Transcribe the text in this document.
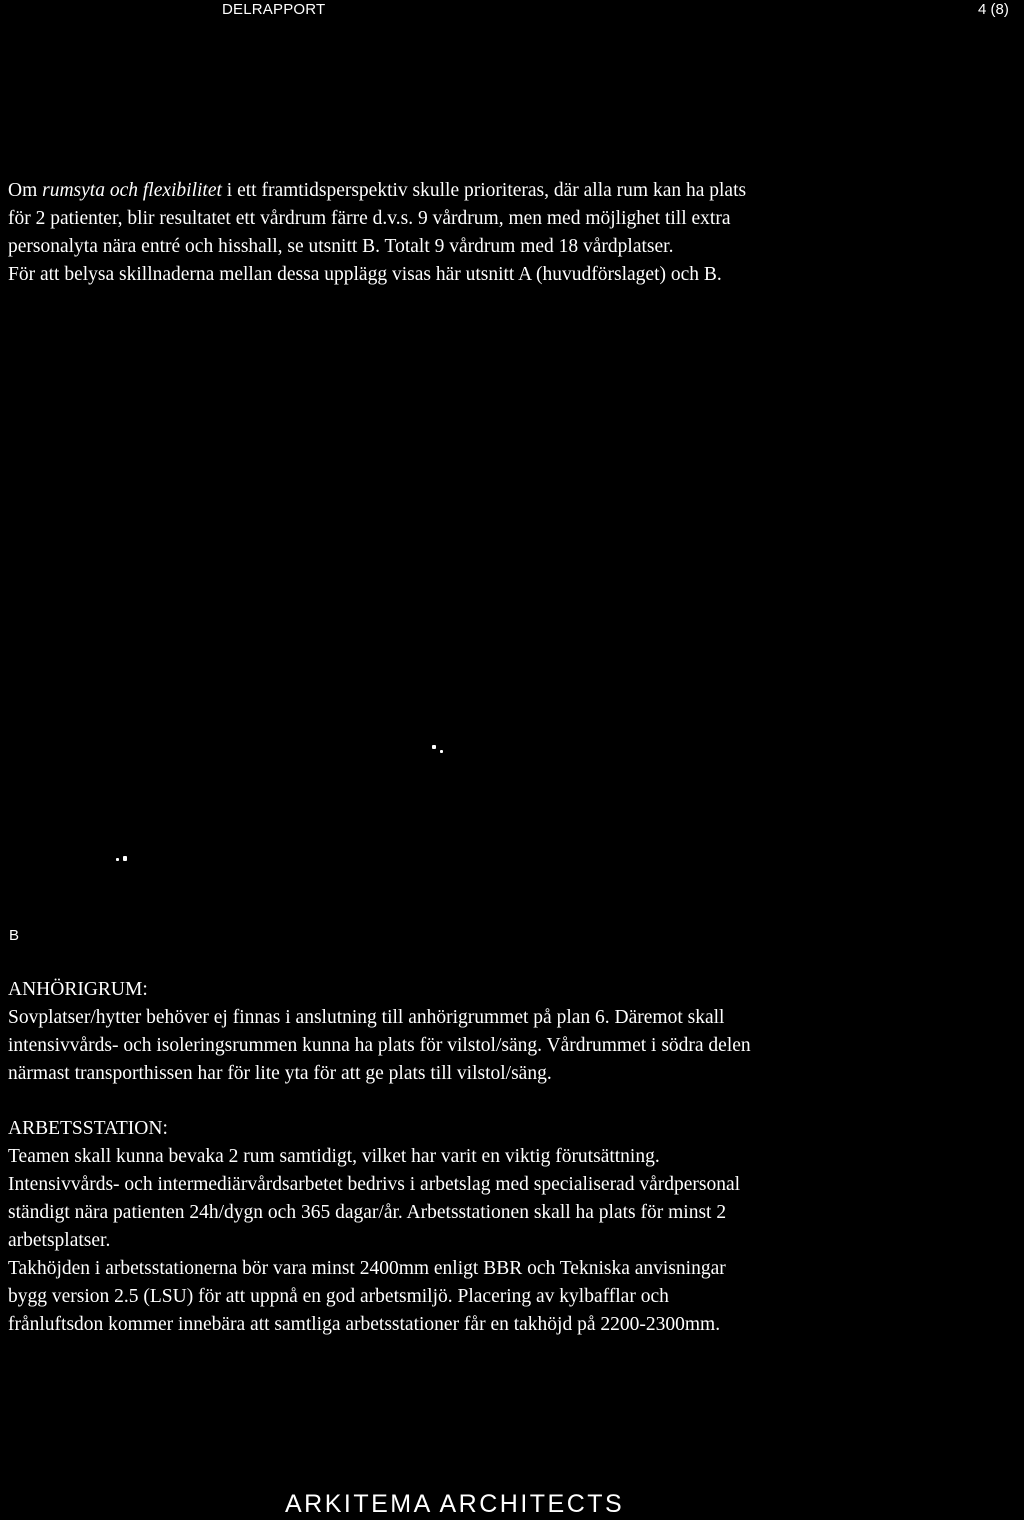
DELRAPPORT	4 (8)
Om rumsyta och flexibilitet i ett framtidsperspektiv skulle prioriteras, där alla rum kan ha plats
för 2 patienter, blir resultatet ett vårdrum färre d.v.s. 9 vårdrum, men med möjlighet till extra
personalyta nära entré och hisshall, se utsnitt B. Totalt 9 vårdrum med 18 vårdplatser.
För att belysa skillnaderna mellan dessa upplägg visas här utsnitt A (huvudförslaget) och B.
B
ANHÖRIGRUM:
Sovplatser/hytter behöver ej finnas i anslutning till anhörigrummet på plan 6. Däremot skall
intensivvårds- och isoleringsrummen kunna ha plats för vilstol/säng. Vårdrummet i södra delen
närmast transporthissen har för lite yta för att ge plats till vilstol/säng.
ARBETSSTATION:
Teamen skall kunna bevaka 2 rum samtidigt, vilket har varit en viktig förutsättning.
Intensivvårds- och intermediärvårdsarbetet bedrivs i arbetslag med specialiserad vårdpersonal
ständigt nära patienten 24h/dygn och 365 dagar/år. Arbetsstationen skall ha plats för minst 2
arbetsplatser.
Takhöjden i arbetsstationerna bör vara minst 2400mm enligt BBR och Tekniska anvisningar
bygg version 2.5 (LSU) för att uppnå en god arbetsmiljö. Placering av kylbafflar och
frånluftsdon kommer innebära att samtliga arbetsstationer får en takhöjd på 2200-2300mm.
ARKITEMA ARCHITECTS
